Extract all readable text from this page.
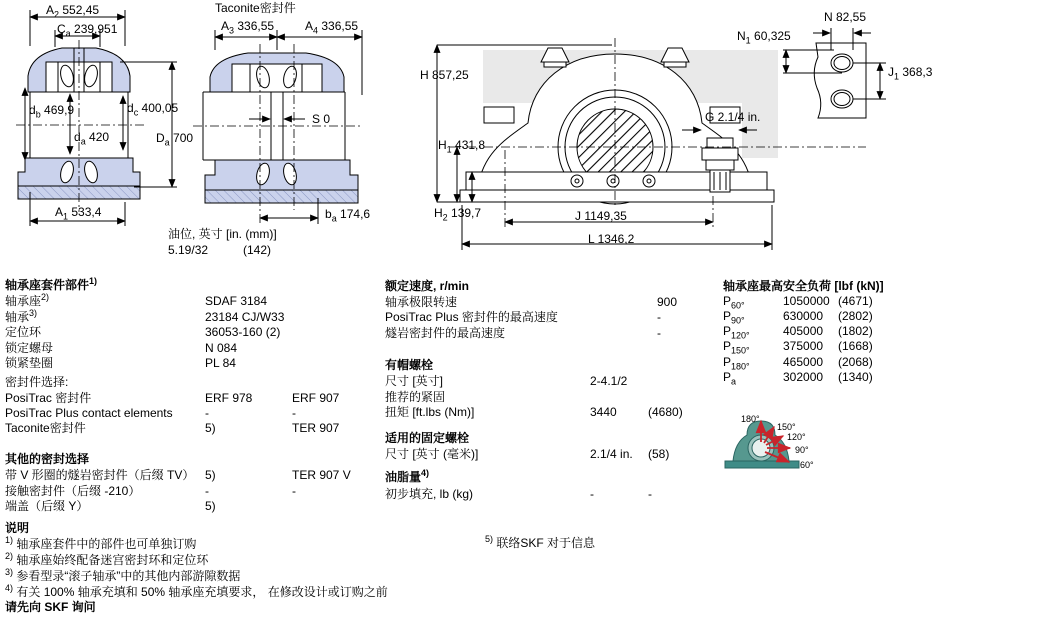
$A_2$ 552,45
$C_a$ 239,951
$d_b$ 469,9
$d_a$ 420
$d_c$ 400,05
$D_a$ 700
$A_1$ 533,4
Taconite密封件
$A_3$ 336,55	$A_4$ 336,55
S 0
$b_a$ 174,6
油位, 英寸 [in. (mm)]
5.19/32	(142)
H 857,25
$H_1$ 431,8
$H_2$ 139,7
G 2.1/4 in.
J 1149,35
L 1346,2
N 82,55
$N_1$ 60,325
$J_1$ 368,3
180°
150°
120°
90°
60°
轴承座套件部件$^{1)}$
轴承座$^{2)}$	SDAF 3184
轴承$^{3)}$	23184 CJ/W33
定位环	36053-160 (2)
锁定螺母	N 084
锁紧垫圈	PL 84
密封件选择:
PosiTrac 密封件	ERF 978	ERF 907
PosiTrac Plus contact elements	-	-
Taconite密封件	5)	TER 907
其他的密封选择
带 V 形圈的燧岩密封件（后缀 TV） 5)	TER 907 V
接触密封件（后缀 -210）	-	-
端盖（后缀 Y）	5)
额定速度, r/min
轴承极限转速	900
PosiTrac Plus 密封件的最高速度	-
燧岩密封件的最高速度	-
有帽螺栓
尺寸 [英寸]	2-4.1/2
推荐的紧固
扭矩 [ft.lbs (Nm)]	3440	(4680)
适用的固定螺栓
尺寸 [英寸 (毫米)]	2.1/4 in. (58)
油脂量$^{4)}$
初步填充, lb (kg)	-	-
轴承座最高安全负荷 [lbf (kN)]
$P_{60^\circ}$	1050000 (4671)
$P_{90^\circ}$	630000 (2802)
$P_{120^\circ}$	405000 (1802)
$P_{150^\circ}$	375000 (1668)
$P_{180^\circ}$	465000 (2068)
$P_a$	302000 (1340)
说明
$^{1)}$ 轴承座套件中的部件也可单独订购
$^{2)}$ 轴承座始终配备迷宫密封环和定位环
$^{3)}$ 参看型录“滚子轴承”中的其他内部游隙数据
$^{4)}$ 有关 100% 轴承充填和 50% 轴承座充填要求， 在修改设计或订购之前
请先向 SKF 询问
$^{5)}$ 联络SKF 对于信息
